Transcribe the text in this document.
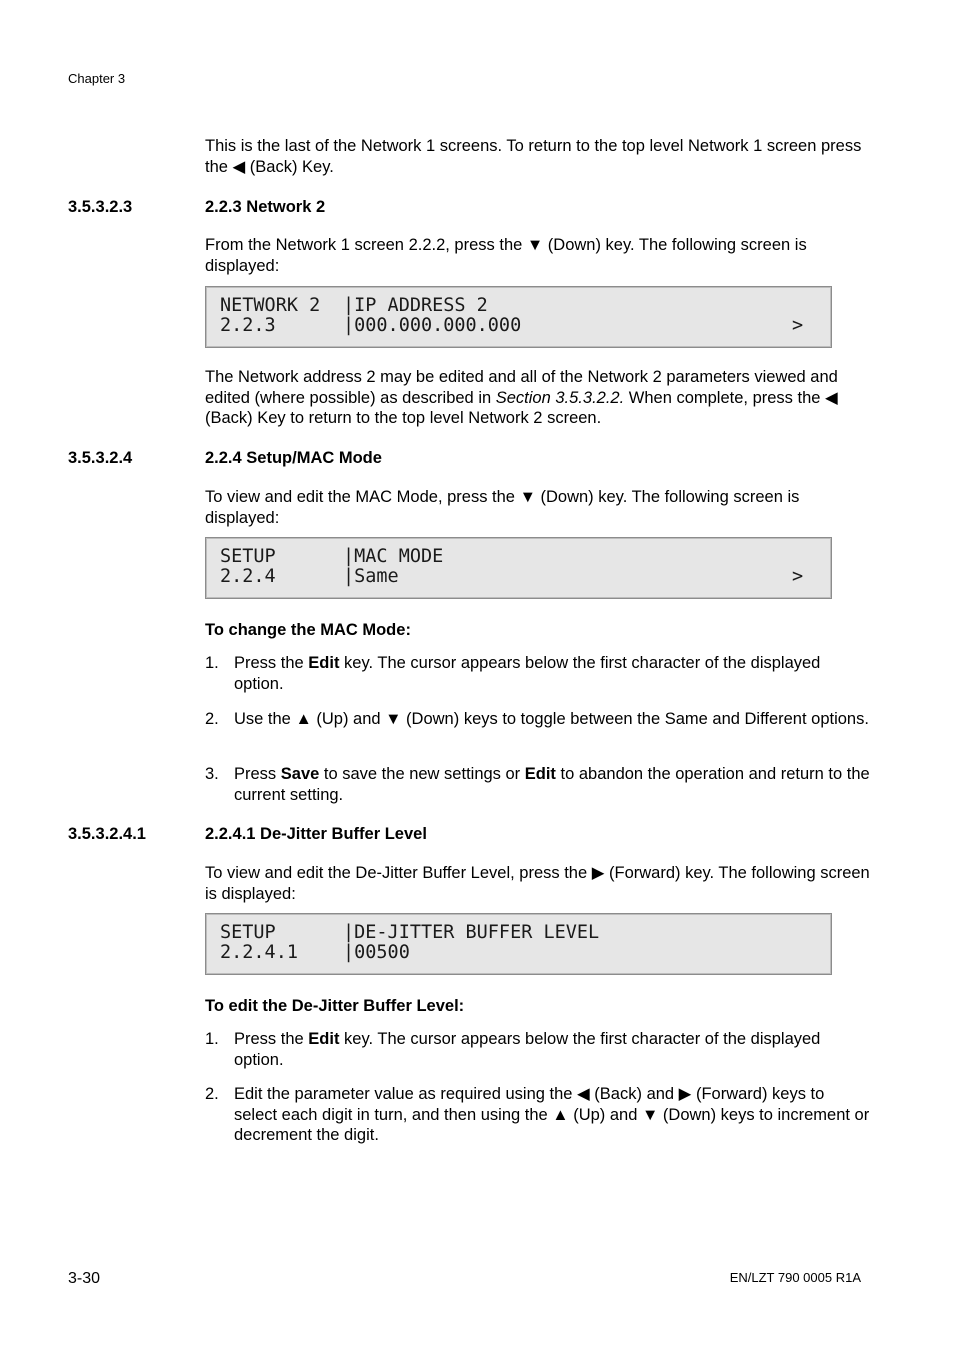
Chapter 3
This is the last of the Network 1 screens. To return to the top level Network 1 screen press the ◀ (Back) Key.
3.5.3.2.3	2.2.3 Network 2
From the Network 1 screen 2.2.2, press the ▼ (Down) key. The following screen is displayed:
NETWORK 2 |IP ADDRESS 2
2.2.3	|000.000.000.000	>
The Network address 2 may be edited and all of the Network 2 parameters viewed and edited (where possible) as described in Section 3.5.3.2.2. When complete, press the ◀ (Back) Key to return to the top level Network 2 screen.
3.5.3.2.4	2.2.4 Setup/MAC Mode
To view and edit the MAC Mode, press the ▼ (Down) key. The following screen is displayed:
SETUP	|MAC MODE
2.2.4	|Same	>
To change the MAC Mode:
1. Press the Edit key. The cursor appears below the first character of the displayed option.
2. Use the ▲ (Up) and ▼ (Down) keys to toggle between the Same and Different options.
3. Press Save to save the new settings or Edit to abandon the operation and return to the current setting.
3.5.3.2.4.1	2.2.4.1 De-Jitter Buffer Level
To view and edit the De-Jitter Buffer Level, press the ▶ (Forward) key. The following screen is displayed:
SETUP	|DE-JITTER BUFFER LEVEL
2.2.4.1 |00500
To edit the De-Jitter Buffer Level:
1. Press the Edit key. The cursor appears below the first character of the displayed option.
2. Edit the parameter value as required using the ◀ (Back) and ▶ (Forward) keys to select each digit in turn, and then using the ▲ (Up) and ▼ (Down) keys to increment or decrement the digit.
3-30	EN/LZT 790 0005 R1A
